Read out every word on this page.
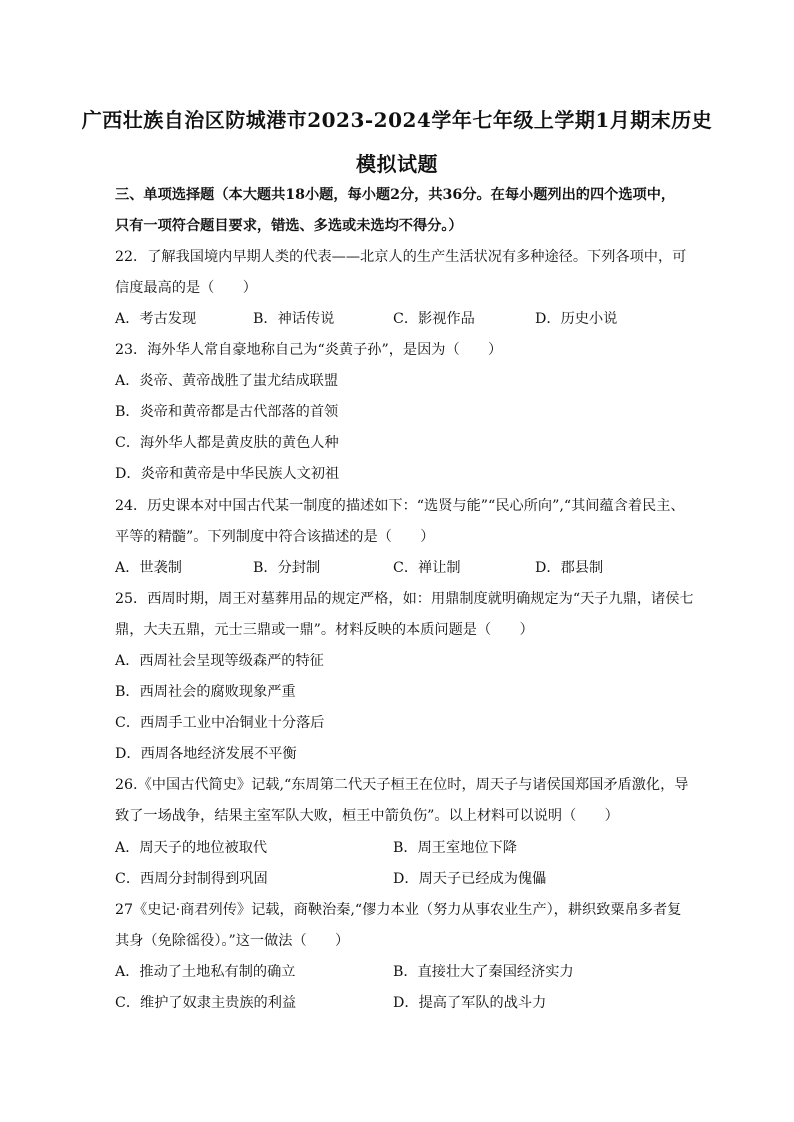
广西壮族自治区防城港市2023-2024学年七年级上学期1月期末历史
模拟试题
三、单项选择题（本大题共18小题，每小题2分，共36分。在每小题列出的四个选项中，
只有一项符合题目要求，错选、多选或未选均不得分。）
22．了解我国境内早期人类的代表——北京人的生产生活状况有多种途径。下列各项中，可
信度最高的是（　　）
A．考古发现	B．神话传说	C．影视作品	D．历史小说
23．海外华人常自豪地称自己为“炎黄子孙”，是因为（　　）
A．炎帝、黄帝战胜了蚩尤结成联盟
B．炎帝和黄帝都是古代部落的首领
C．海外华人都是黄皮肤的黄色人种
D．炎帝和黄帝是中华民族人文初祖
24．历史课本对中国古代某一制度的描述如下：“选贤与能”“民心所向”,“其间蕴含着民主、
平等的精髓”。下列制度中符合该描述的是（　　）
A．世袭制	B．分封制	C．禅让制	D．郡县制
25．西周时期，周王对墓葬用品的规定严格，如：用鼎制度就明确规定为“天子九鼎，诸侯七
鼎，大夫五鼎，元士三鼎或一鼎”。材料反映的本质问题是（　　）
A．西周社会呈现等级森严的特征
B．西周社会的腐败现象严重
C．西周手工业中冶铜业十分落后
D．西周各地经济发展不平衡
26.《中国古代简史》记载,“东周第二代天子桓王在位时，周天子与诸侯国郑国矛盾激化，导
致了一场战争，结果主室军队大败，桓王中箭负伤”。以上材料可以说明（　　）
A．周天子的地位被取代	B．周王室地位下降
C．西周分封制得到巩固	D．周天子已经成为傀儡
27《史记·商君列传》记载，商鞅治秦,“僇力本业（努力从事农业生产），耕织致粟帛多者复
其身（免除徭役）。”这一做法（　　）
A．推动了土地私有制的确立	B．直接壮大了秦国经济实力
C．维护了奴隶主贵族的利益	D．提高了军队的战斗力
